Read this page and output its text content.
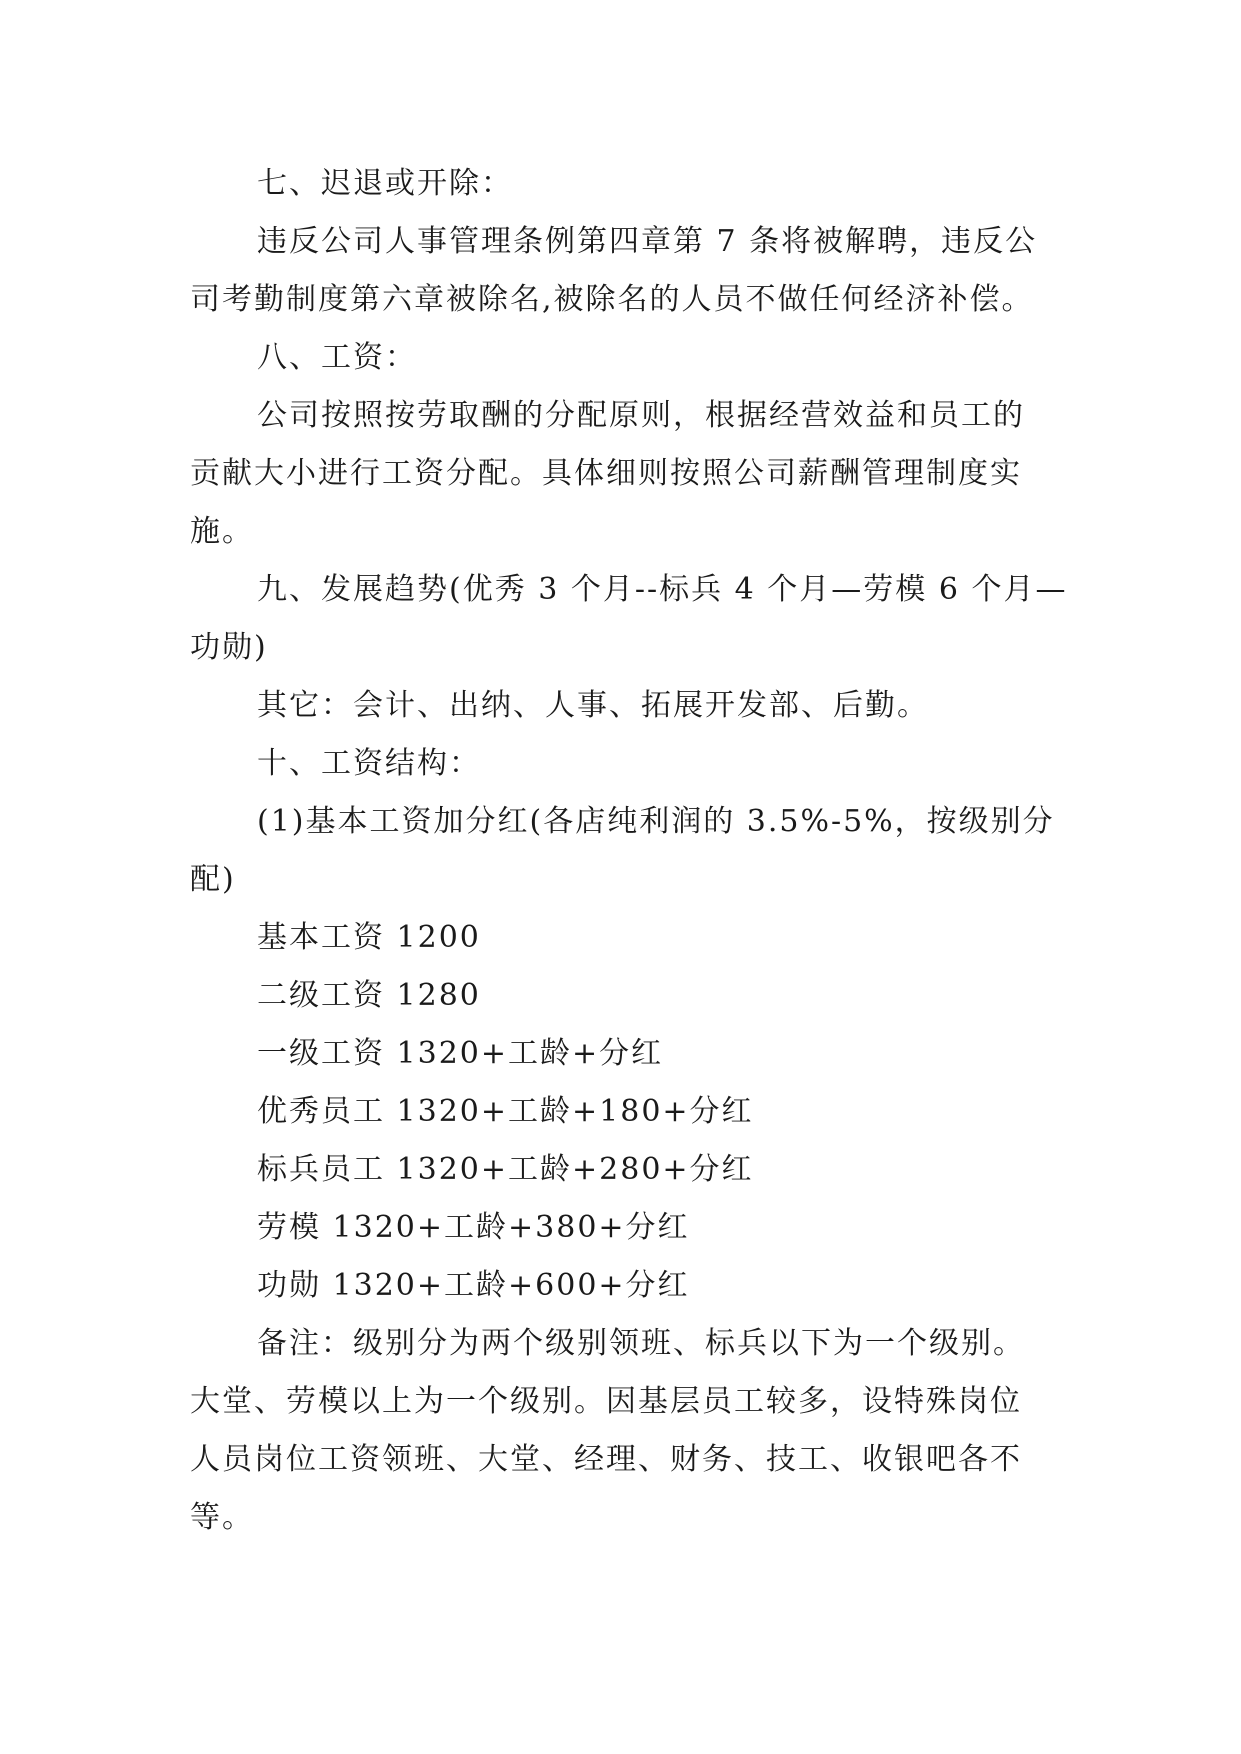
七、迟退或开除：
违反公司人事管理条例第四章第 7 条将被解聘，违反公
司考勤制度第六章被除名,被除名的人员不做任何经济补偿。
八、工资：
公司按照按劳取酬的分配原则，根据经营效益和员工的
贡献大小进行工资分配。具体细则按照公司薪酬管理制度实
施。
九、发展趋势(优秀 3 个月--标兵 4 个月—劳模 6 个月—
功勋)
其它：会计、出纳、人事、拓展开发部、后勤。
十、工资结构：
(1)基本工资加分红(各店纯利润的 3.5%-5%，按级别分
配)
基本工资 1200
二级工资 1280
一级工资 1320+工龄+分红
优秀员工 1320+工龄+180+分红
标兵员工 1320+工龄+280+分红
劳模 1320+工龄+380+分红
功勋 1320+工龄+600+分红
备注：级别分为两个级别领班、标兵以下为一个级别。
大堂、劳模以上为一个级别。因基层员工较多，设特殊岗位
人员岗位工资领班、大堂、经理、财务、技工、收银吧各不
等。
